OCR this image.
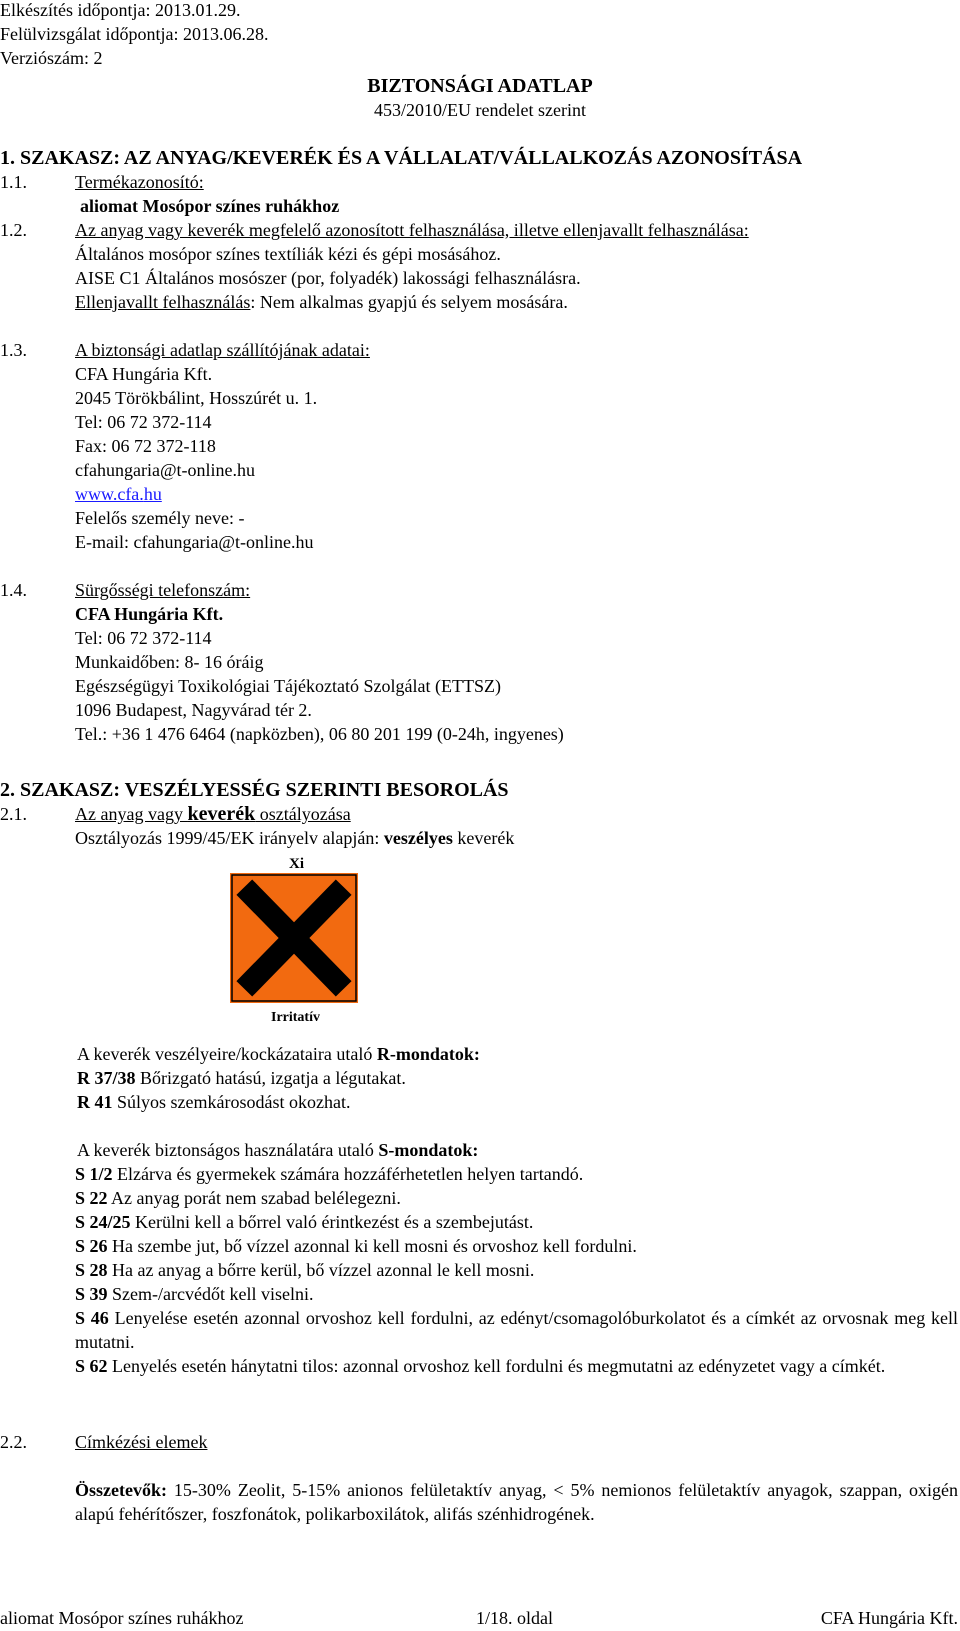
Elkészítés időpontja: 2013.01.29.
Felülvizsgálat időpontja: 2013.06.28.
Verziószám: 2
BIZTONSÁGI ADATLAP
453/2010/EU rendelet szerint
1. SZAKASZ: AZ ANYAG/KEVERÉK ÉS A VÁLLALAT/VÁLLALKOZÁS AZONOSÍTÁSA
1.1.	Termékazonosító:
aliomat Mosópor színes ruhákhoz
1.2.	Az anyag vagy keverék megfelelő azonosított felhasználása, illetve ellenjavallt felhasználása:
Általános mosópor színes textíliák kézi és gépi mosásához.
AISE C1 Általános mosószer (por, folyadék) lakossági felhasználásra.
Ellenjavallt felhasználás: Nem alkalmas gyapjú és selyem mosására.
1.3.	A biztonsági adatlap szállítójának adatai:
CFA Hungária Kft.
2045 Törökbálint, Hosszúrét u. 1.
Tel: 06 72 372-114
Fax: 06 72 372-118
cfahungaria@t-online.hu
www.cfa.hu
Felelős személy neve: -
E-mail: cfahungaria@t-online.hu
1.4.	Sürgősségi telefonszám:
CFA Hungária Kft.
Tel: 06 72 372-114
Munkaidőben: 8- 16 óráig
Egészségügyi Toxikológiai Tájékoztató Szolgálat (ETTSZ)
1096 Budapest, Nagyvárad tér 2.
Tel.: +36 1 476 6464 (napközben), 06 80 201 199 (0-24h, ingyenes)
2. SZAKASZ: VESZÉLYESSÉG SZERINTI BESOROLÁS
2.1.	Az anyag vagy keverék osztályozása
Osztályozás 1999/45/EK irányelv alapján: veszélyes keverék
Xi
Irritatív
A keverék veszélyeire/kockázataira utaló R-mondatok:
R 37/38 Bőrizgató hatású, izgatja a légutakat.
R 41 Súlyos szemkárosodást okozhat.
A keverék biztonságos használatára utaló S-mondatok:
S 1/2 Elzárva és gyermekek számára hozzáférhetetlen helyen tartandó.
S 22 Az anyag porát nem szabad belélegezni.
S 24/25 Kerülni kell a bőrrel való érintkezést és a szembejutást.
S 26 Ha szembe jut, bő vízzel azonnal ki kell mosni és orvoshoz kell fordulni.
S 28 Ha az anyag a bőrre kerül, bő vízzel azonnal le kell mosni.
S 39 Szem-/arcvédőt kell viselni.
S 46 Lenyelése esetén azonnal orvoshoz kell fordulni, az edényt/csomagolóburkolatot és a címkét az orvosnak meg kell mutatni.
S 62 Lenyelés esetén hánytatni tilos: azonnal orvoshoz kell fordulni és megmutatni az edényzetet vagy a címkét.
2.2.	Címkézési elemek
Összetevők: 15-30% Zeolit, 5-15% anionos felületaktív anyag, < 5% nemionos felületaktív anyagok, szappan, oxigén alapú fehérítőszer, foszfonátok, polikarboxilátok, alifás szénhidrogének.
aliomat Mosópor színes ruhákhoz	1/18. oldal	CFA Hungária Kft.
